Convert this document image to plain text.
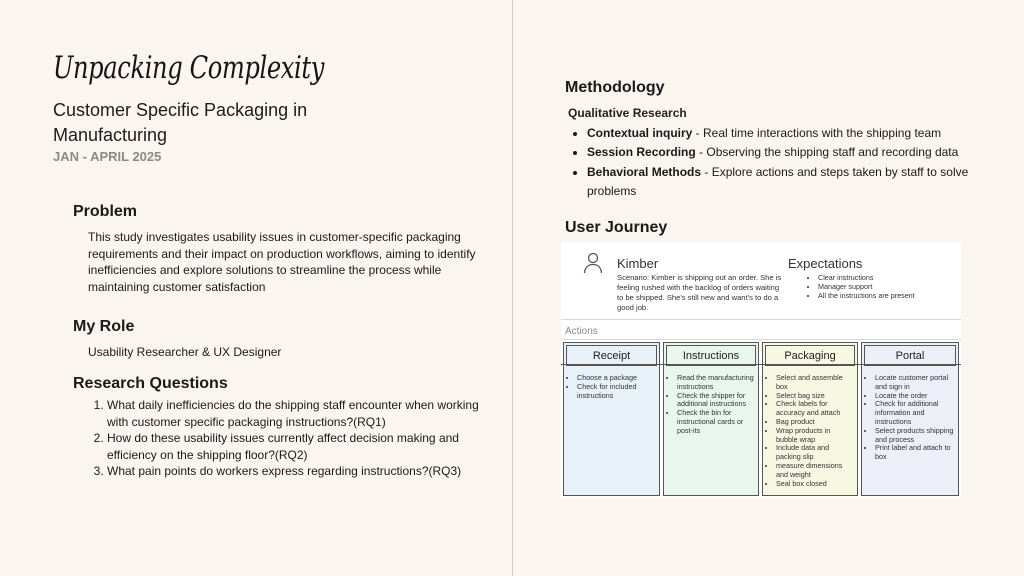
Unpacking Complexity
Customer Specific Packaging in Manufacturing
JAN - APRIL 2025
Problem
This study investigates usability issues in customer-specific packaging requirements and their impact on production workflows, aiming to identify inefficiencies and explore solutions to streamline the process while maintaining customer satisfaction
My Role
Usability Researcher & UX Designer
Research Questions
1. What daily inefficiencies do the shipping staff encounter when working with customer specific packaging instructions?(RQ1)
2. How do these usability issues currently affect decision making and efficiency on the shipping floor?(RQ2)
3. What pain points do workers express regarding instructions?(RQ3)
Methodology
Qualitative Research
• Contextual inquiry - Real time interactions with the shipping team
• Session Recording - Observing the shipping staff and recording data
• Behavioral Methods - Explore actions and steps taken by staff to solve problems
User Journey
Kimber
Scenario: Kimber is shipping out an order. She is feeling rushed with the backlog of orders waiting to be shipped. She's still new and want's to do a good job.
Expectations
• Clear instructions
• Manager support
• All the instructions are present
Actions
Receipt
• Choose a package
• Check for included instructions
Instructions
• Read the manufacturing instructions
• Check the shipper for additional instructions
• Check the bin for instructional cards or post-its
Packaging
• Select and assemble box
• Select bag size
• Check labels for accuracy and attach
• Bag product
• Wrap products in bubble wrap
• Include data and packing slip
• measure dimensions and weight
• Seal box closed
Portal
• Locate customer portal and sign in
• Locate the order
• Check for additional information and instructions
• Select products shipping and process
• Print label and attach to box
